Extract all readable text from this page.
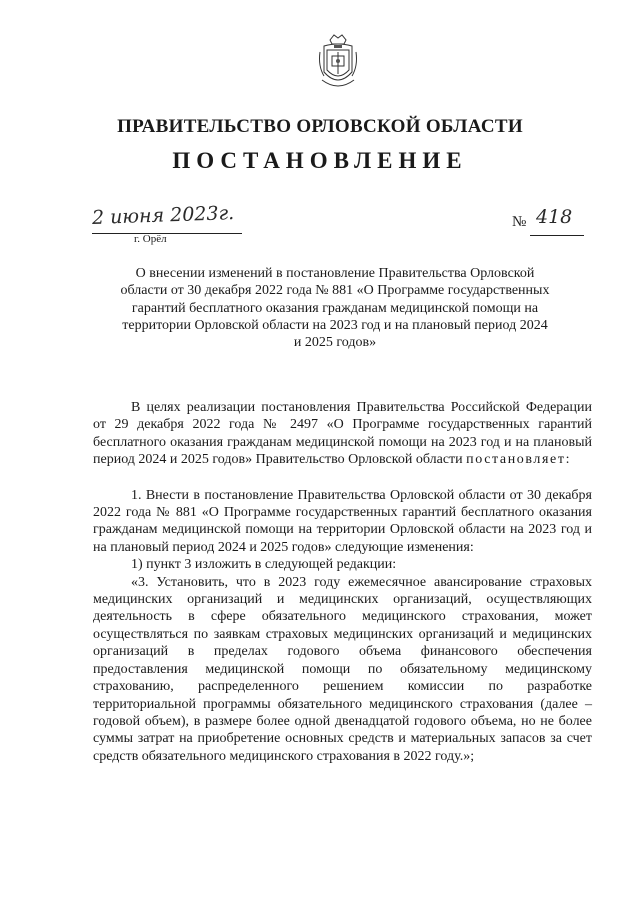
ПРАВИТЕЛЬСТВО ОРЛОВСКОЙ ОБЛАСТИ
ПОСТАНОВЛЕНИЕ
2 июня 2023г.
г. Орёл
№ 418
О внесении изменений в постановление Правительства Орловской области от 30 декабря 2022 года № 881 «О Программе государственных гарантий бесплатного оказания гражданам медицинской помощи на территории Орловской области на 2023 год и на плановый период 2024 и 2025 годов»

В целях реализации постановления Правительства Российской Федерации от 29 декабря 2022 года № 2497 «О Программе государственных гарантий бесплатного оказания гражданам медицинской помощи на 2023 год и на плановый период 2024 и 2025 годов» Правительство Орловской области постановляет:

1. Внести в постановление Правительства Орловской области от 30 декабря 2022 года № 881 «О Программе государственных гарантий бесплатного оказания гражданам медицинской помощи на территории Орловской области на 2023 год и на плановый период 2024 и 2025 годов» следующие изменения:

1) пункт 3 изложить в следующей редакции:

«3. Установить, что в 2023 году ежемесячное авансирование страховых медицинских организаций и медицинских организаций, осуществляющих деятельность в сфере обязательного медицинского страхования, может осуществляться по заявкам страховых медицинских организаций и медицинских организаций в пределах годового объема финансового обеспечения предоставления медицинской помощи по обязательному медицинскому страхованию, распределенного решением комиссии по разработке территориальной программы обязательного медицинского страхования (далее – годовой объем), в размере более одной двенадцатой годового объема, но не более суммы затрат на приобретение основных средств и материальных запасов за счет средств обязательного медицинского страхования в 2022 году.»;
